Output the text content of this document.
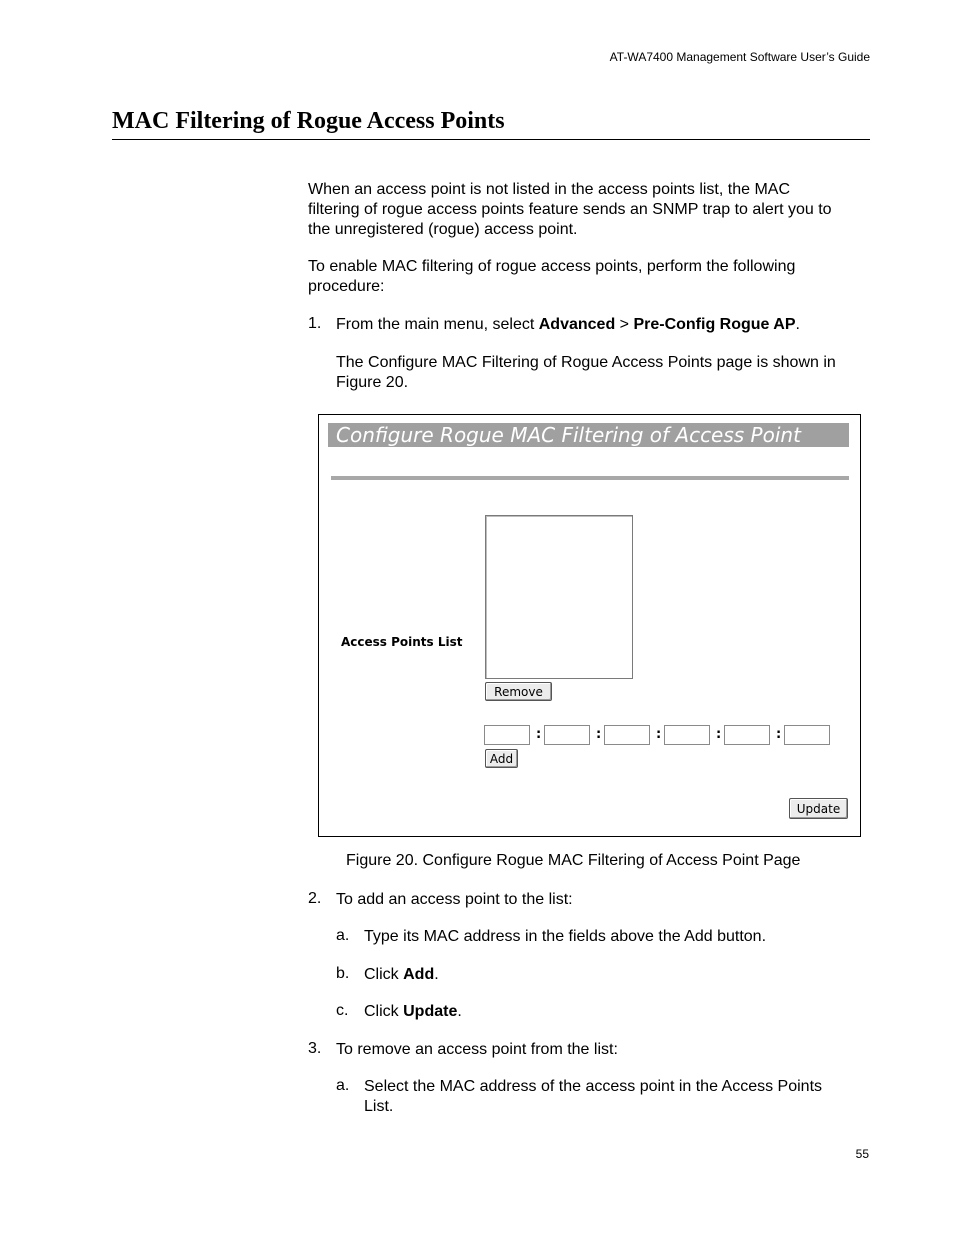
AT-WA7400 Management Software User’s Guide
MAC Filtering of Rogue Access Points
When an access point is not listed in the access points list, the MAC
filtering of rogue access points feature sends an SNMP trap to alert you to
the unregistered (rogue) access point.
To enable MAC filtering of rogue access points, perform the following
procedure:
1. From the main menu, select Advanced > Pre-Config Rogue AP.
The Configure MAC Filtering of Rogue Access Points page is shown in
Figure 20.
Configure Rogue MAC Filtering of Access Point
Access Points List
Remove
:	:	:	:	:
Add
Update
Figure 20. Configure Rogue MAC Filtering of Access Point Page
2. To add an access point to the list:
a. Type its MAC address in the fields above the Add button.
b. Click Add.
c. Click Update.
3. To remove an access point from the list:
a. Select the MAC address of the access point in the Access Points
List.
55
